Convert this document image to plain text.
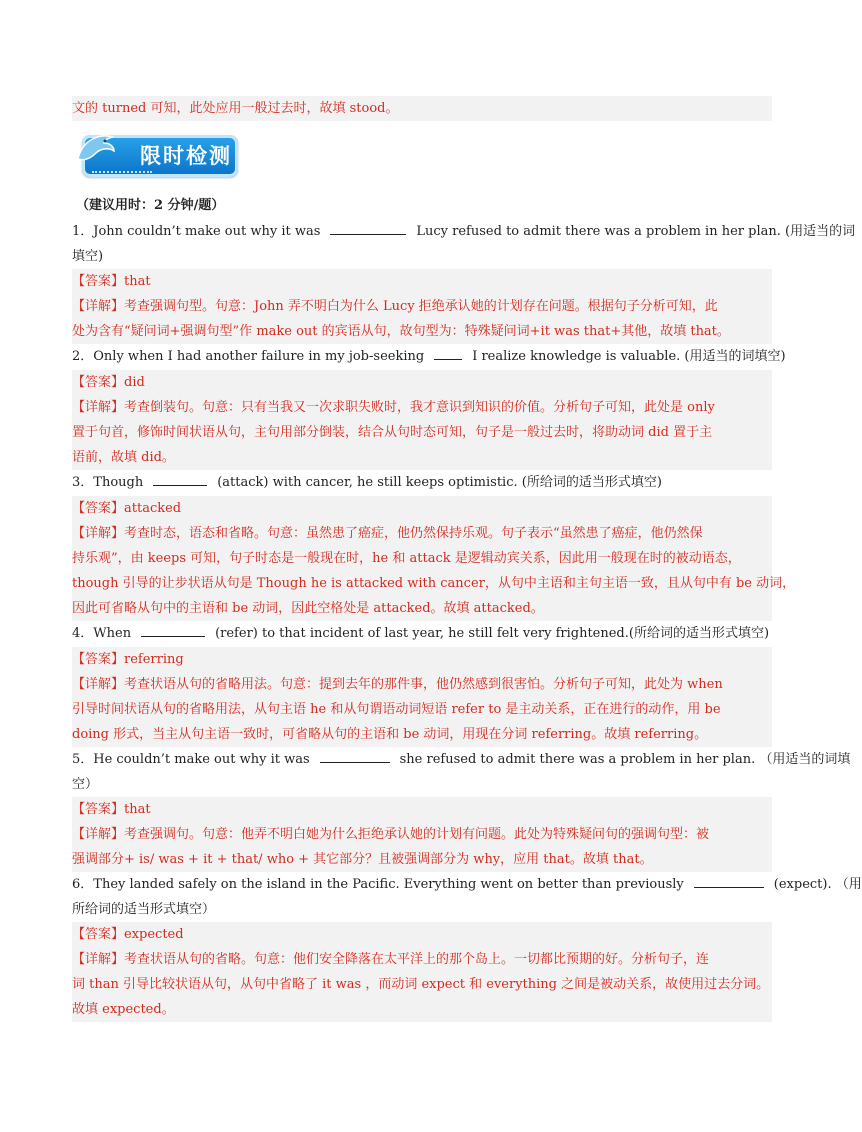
文的 turned 可知，此处应用一般过去时，故填 stood。
限时检测
（建议用时：2 分钟/题）
1．John couldn’t make out why it was	Lucy refused to admit there was a problem in her plan. (用适当的词
填空)
【答案】that
【详解】考查强调句型。句意：John 弄不明白为什么 Lucy 拒绝承认她的计划存在问题。根据句子分析可知，此
处为含有“疑问词+强调句型”作 make out 的宾语从句，故句型为：特殊疑问词+it was that+其他，故填 that。
2．Only when I had another failure in my job-seeking	I realize knowledge is valuable. (用适当的词填空)
【答案】did
【详解】考查倒装句。句意：只有当我又一次求职失败时，我才意识到知识的价值。分析句子可知，此处是 only
置于句首，修饰时间状语从句，主句用部分倒装，结合从句时态可知，句子是一般过去时，将助动词 did 置于主
语前，故填 did。
3．Though	(attack) with cancer, he still keeps optimistic. (所给词的适当形式填空)
【答案】attacked
【详解】考查时态，语态和省略。句意：虽然患了癌症，他仍然保持乐观。句子表示“虽然患了癌症，他仍然保
持乐观”，由 keeps 可知，句子时态是一般现在时，he 和 attack 是逻辑动宾关系，因此用一般现在时的被动语态，
though 引导的让步状语从句是 Though he is attacked with cancer，从句中主语和主句主语一致，且从句中有 be 动词，
因此可省略从句中的主语和 be 动词，因此空格处是 attacked。故填 attacked。
4．When	(refer) to that incident of last year, he still felt very frightened.(所给词的适当形式填空)
【答案】referring
【详解】考查状语从句的省略用法。句意：提到去年的那件事，他仍然感到很害怕。分析句子可知，此处为 when
引导时间状语从句的省略用法，从句主语 he 和从句谓语动词短语 refer to 是主动关系，正在进行的动作，用 be
doing 形式，当主从句主语一致时，可省略从句的主语和 be 动词，用现在分词 referring。故填 referring。
5．He couldn’t make out why it was	she refused to admit there was a problem in her plan. （用适当的词填
空）
【答案】that
【详解】考查强调句。句意：他弄不明白她为什么拒绝承认她的计划有问题。此处为特殊疑问句的强调句型：被
强调部分+ is/ was + it + that/ who + 其它部分？且被强调部分为 why，应用 that。故填 that。
6．They landed safely on the island in the Pacific. Everything went on better than previously	(expect). （用
所给词的适当形式填空）
【答案】expected
【详解】考查状语从句的省略。句意：他们安全降落在太平洋上的那个岛上。一切都比预期的好。分析句子，连
词 than 引导比较状语从句，从句中省略了 it was ，而动词 expect 和 everything 之间是被动关系，故使用过去分词。
故填 expected。
